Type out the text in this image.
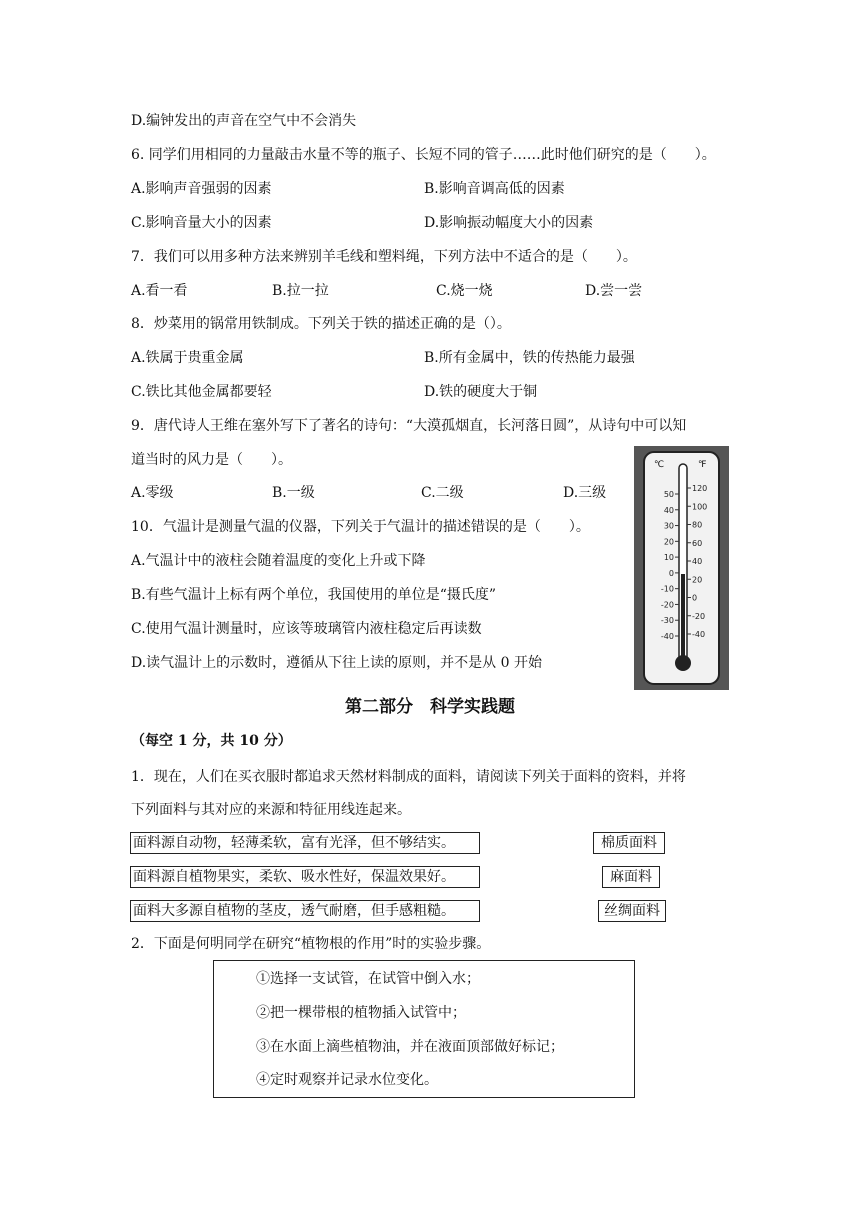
D.编钟发出的声音在空气中不会消失
6. 同学们用相同的力量敲击水量不等的瓶子、长短不同的管子……此时他们研究的是（　　）。
A.影响声音强弱的因素	B.影响音调高低的因素
C.影响音量大小的因素	D.影响振动幅度大小的因素
7．我们可以用多种方法来辨别羊毛线和塑料绳，下列方法中不适合的是（　　）。
A.看一看	B.拉一拉	C.烧一烧	D.尝一尝
8．炒菜用的锅常用铁制成。下列关于铁的描述正确的是（）。
A.铁属于贵重金属	B.所有金属中，铁的传热能力最强
C.铁比其他金属都要轻	D.铁的硬度大于铜
9．唐代诗人王维在塞外写下了著名的诗句：“大漠孤烟直，长河落日圆”，从诗句中可以知
道当时的风力是（　　）。
A.零级	B.一级	C.二级	D.三级
10．气温计是测量气温的仪器，下列关于气温计的描述错误的是（　　）。
A.气温计中的液柱会随着温度的变化上升或下降
B.有些气温计上标有两个单位，我国使用的单位是“摄氏度”
C.使用气温计测量时，应该等玻璃管内液柱稳定后再读数
D.读气温计上的示数时，遵循从下往上读的原则，并不是从 0 开始
50
40
30
20
10
0
-10
-20
-30
-40
120
100
80
60
40
20
0
-20
-40
℃	℉
第二部分　科学实践题
（每空 1 分，共 10 分）
1．现在，人们在买衣服时都追求天然材料制成的面料，请阅读下列关于面料的资料，并将
下列面料与其对应的来源和特征用线连起来。
面料源自动物，轻薄柔软，富有光泽，但不够结实。
面料源自植物果实，柔软、吸水性好，保温效果好。
面料大多源自植物的茎皮，透气耐磨，但手感粗糙。
棉质面料
麻面料
丝绸面料
2．下面是何明同学在研究“植物根的作用”时的实验步骤。
①选择一支试管，在试管中倒入水；
②把一棵带根的植物插入试管中；
③在水面上滴些植物油，并在液面顶部做好标记；
④定时观察并记录水位变化。
